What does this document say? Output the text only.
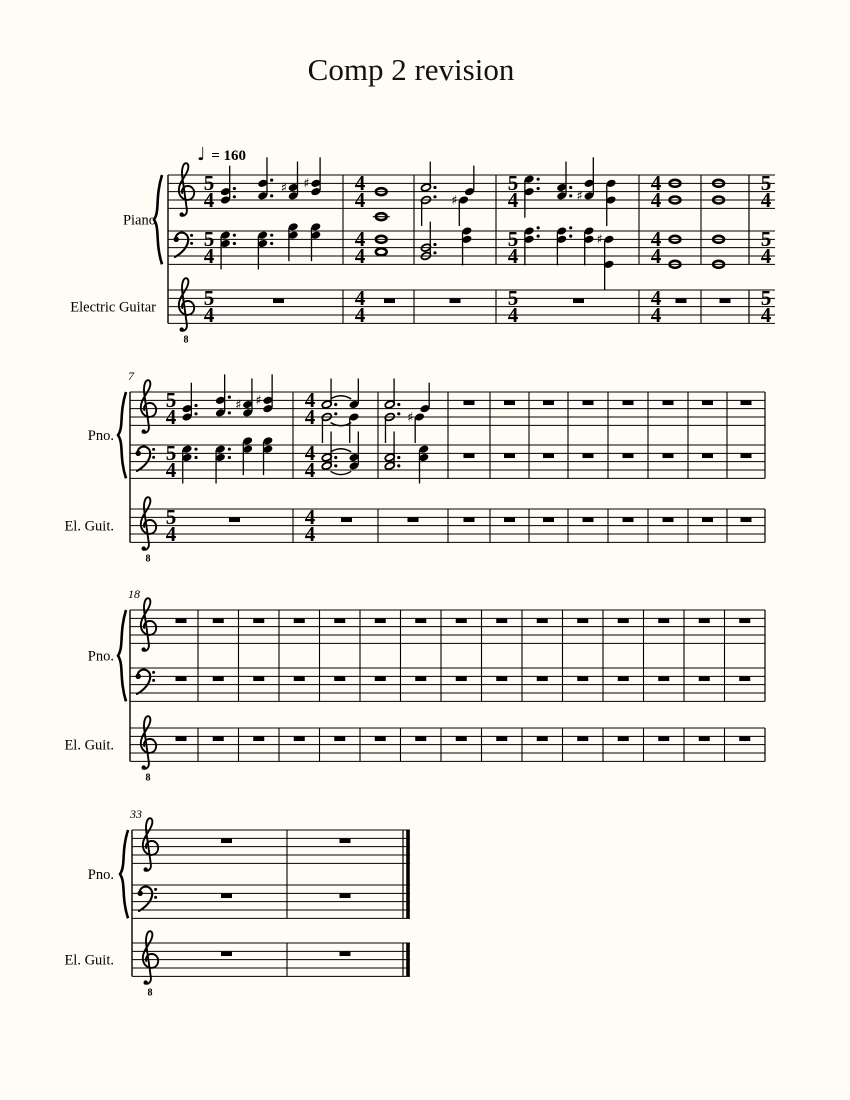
Comp 2 revision
♩ = 160
Piano
Electric Guitar
8
5
4
5
4
5
4
♯ ♯ 4
4
4
4
4
4
♯
5
4
5
4
5
4
♯
♯
4
4
4
4
4
4
5
4
5
4
5
4
Pno.
El. Guit.
7
8
5
4
5
4
5
4
♯ ♯ 4
4
4
4
4
4
♯
Pno.
El. Guit.
18
8
Pno.
El. Guit.
33
8
